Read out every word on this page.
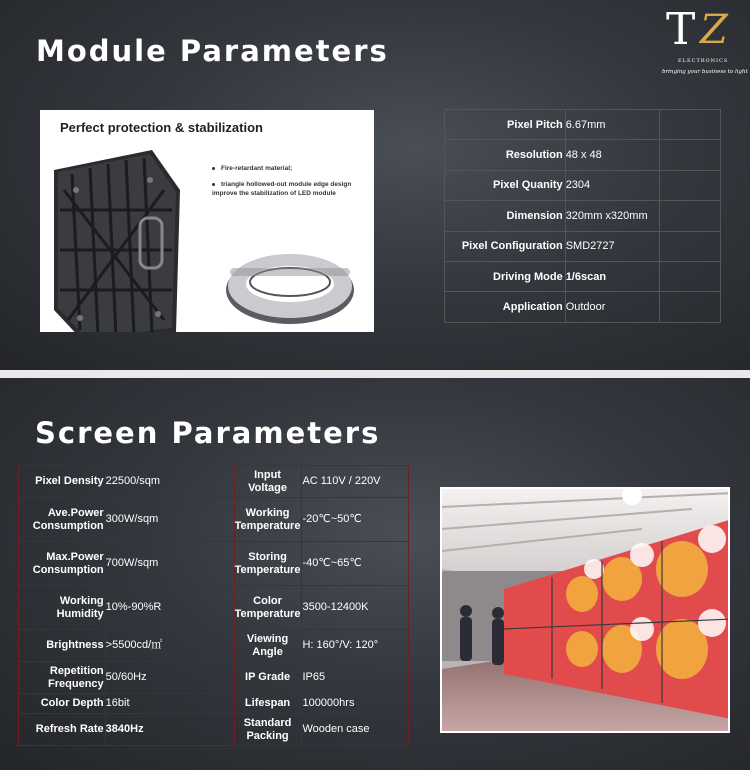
Module Parameters	T Z
ELECTRONICS
bringing your business to light
Perfect protection & stabilization
Fire-retardant material;
triangle hollowed-out module edge design improve the stabilization of LED module
Pixel Pitch	6.67mm	
Resolution	48 x 48	
Pixel Quanity	2304	
Dimension	320mm x320mm	
Pixel Configuration	SMD2727	
Driving Mode	1/6scan	
Application	Outdoor	
Screen Parameters
Pixel Density	22500/sqm	Input Voltage	AC 110V / 220V
Ave.Power Consumption	300W/sqm	Working Temperature	-20℃~50℃
Max.Power Consumption	700W/sqm	Storing Temperature	-40℃~65℃
Working Humidity	10%-90%R	Color Temperature	3500-12400K
Brightness	>5500cd/㎡	Viewing Angle	H: 160°/V: 120°
Repetition Frequency	50/60Hz	IP Grade	IP65
Color Depth	16bit	Lifespan	100000hrs
Refresh Rate	3840Hz	Standard Packing	Wooden case
